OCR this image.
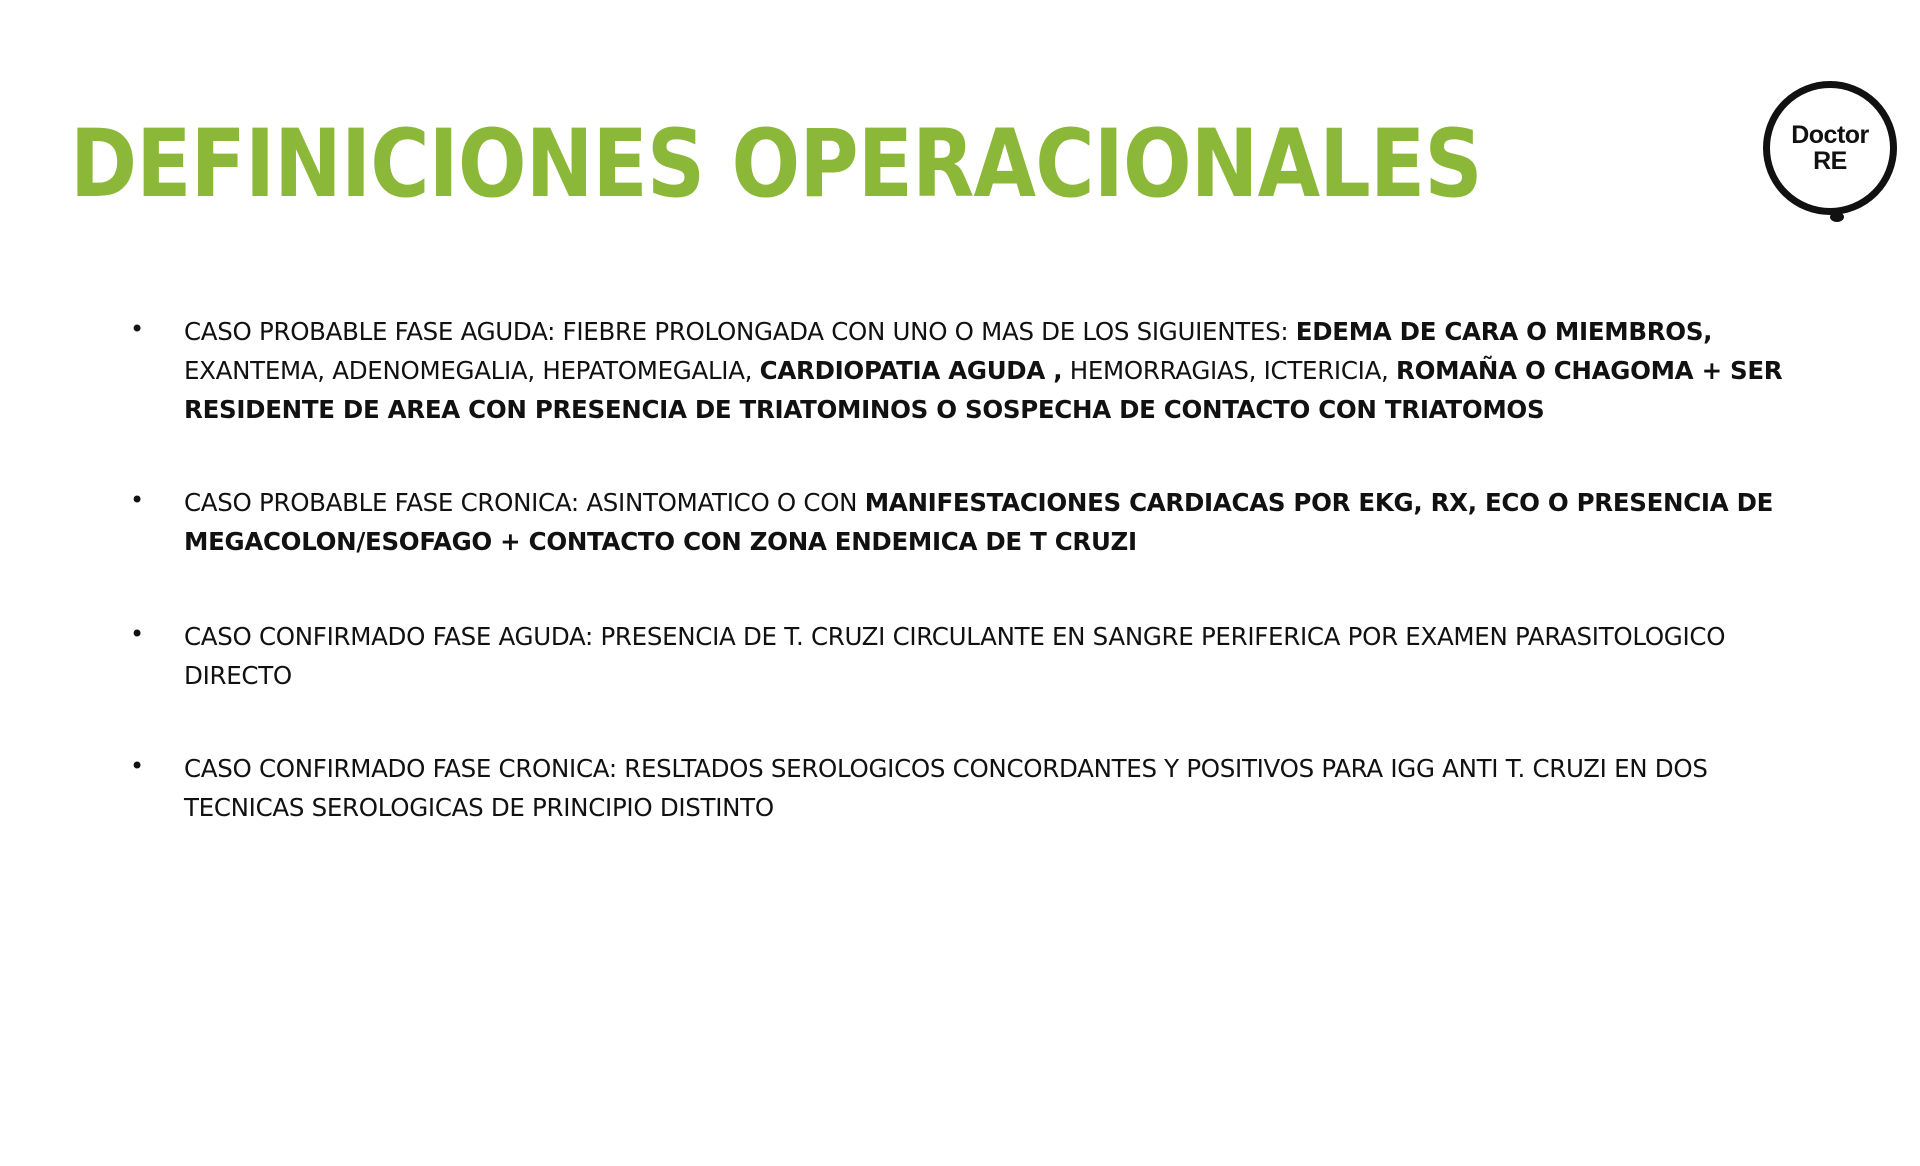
DEFINICIONES OPERACIONALES	Doctor
RE
• CASO PROBABLE FASE AGUDA: FIEBRE PROLONGADA CON UNO O MAS DE LOS SIGUIENTES: EDEMA DE CARA O MIEMBROS, EXANTEMA, ADENOMEGALIA, HEPATOMEGALIA, CARDIOPATIA AGUDA , HEMORRAGIAS, ICTERICIA, ROMAÑA O CHAGOMA + SER RESIDENTE DE AREA CON PRESENCIA DE TRIATOMINOS O SOSPECHA DE CONTACTO CON TRIATOMOS
• CASO PROBABLE FASE CRONICA: ASINTOMATICO O CON MANIFESTACIONES CARDIACAS POR EKG, RX, ECO O PRESENCIA DE MEGACOLON/ESOFAGO + CONTACTO CON ZONA ENDEMICA DE T CRUZI
• CASO CONFIRMADO FASE AGUDA: PRESENCIA DE T. CRUZI CIRCULANTE EN SANGRE PERIFERICA POR EXAMEN PARASITOLOGICO DIRECTO
• CASO CONFIRMADO FASE CRONICA: RESLTADOS SEROLOGICOS CONCORDANTES Y POSITIVOS PARA IGG ANTI T. CRUZI EN DOS TECNICAS SEROLOGICAS DE PRINCIPIO DISTINTO
